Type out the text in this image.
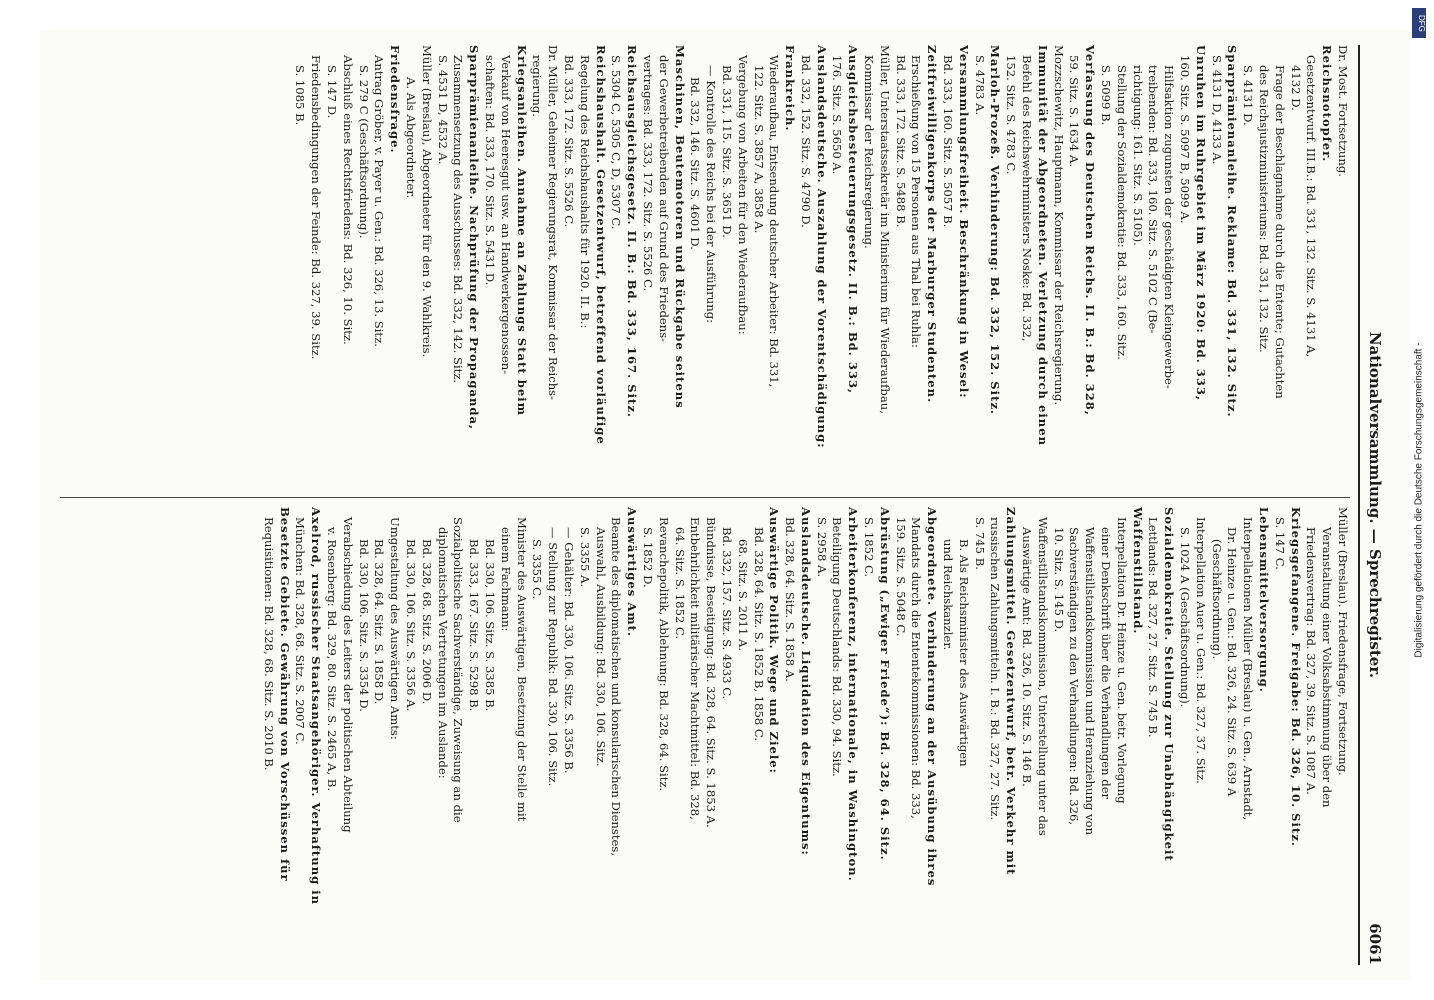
Nationalversammlung. — Sprechregister.
6061
Dr. Most. Fortsetzung.
Reichsnotopfer.
Gesetzentwurf. III.B.: Bd. 331, 132. Sitz. S. 4131 A,
4132 D.
Frage der Beschlagnahme durch die Entente; Gutachten
des Reichsjustizministeriums: Bd. 331, 132. Sitz.
S. 4131 D.
Sparprämienanleihe. Reklame: Bd. 331, 132. Sitz.
S. 4131 D, 4133 A.
Unruhen im Ruhrgebiet im März 1920: Bd. 333,
160. Sitz. S. 5097 B, 5099 A.
Hilfsaktion zugunsten der geschädigten Kleingewerbe-
treibenden: Bd. 333, 160. Sitz. S. 5102 C (Be-
richtigung: 161. Sitz. S. 5105).
Stellung der Sozialdemokratie: Bd. 333, 160. Sitz.
S. 5099 B.
Verfassung des Deutschen Reichs. II. B.: Bd. 328,
59. Sitz. S. 1634 A.
Mozzschewitz, Hauptmann, Kommissar der Reichsregierung.
Immunität der Abgeordneten. Verletzung durch einen
Befehl des Reichswehrministers Noske: Bd. 332,
152. Sitz. S. 4783 C.
Marloh-Prozeß. Verhinderung: Bd. 332, 152. Sitz.
S. 4783 A.
Versammlungsfreiheit. Beschränkung in Wesel:
Bd. 333, 160. Sitz. S. 5057 B.
Zeitfreiwilligenkorps der Marburger Studenten.
Erschießung von 15 Personen aus Thal bei Ruhla:
Bd. 333, 172. Sitz. S. 5488 B.
Müller, Unterstaatssekretär im Ministerium für Wiederaufbau,
Kommissar der Reichsregierung.
Ausgleichsbesteuerungsgesetz. II. B.: Bd. 333,
176. Sitz. S. 5650 A.
Auslandsdeutsche. Auszahlung der Vorentschädigung:
Bd. 332, 152. Sitz. S. 4790 D.
Frankreich.
Wiederaufbau, Entsendung deutscher Arbeiter: Bd. 331,
122. Sitz. S. 3857 A, 3858 A.
Vergebung von Arbeiten für den Wiederaufbau:
Bd. 331, 115. Sitz. S. 3651 D.
— Kontrolle des Reichs bei der Ausführung:
Bd. 332, 146. Sitz. S. 4601 D.
Maschinen, Beutemotoren und Rückgabe seitens
der Gewerbetreibenden auf Grund des Friedens-
vertrages: Bd. 333, 172. Sitz. S. 5526 C.
Reichsausgleichsgesetz. II. B.: Bd. 333, 167. Sitz.
S. 5304 C, 5305 C, D, 5307 C.
Reichshaushalt. Gesetzentwurf, betreffend vorläufige
Regelung des Reichshaushalts für 1920. II. B.:
Bd. 333, 172. Sitz. S. 5526 C.
Dr. Müller, Geheimer Regierungsrat, Kommissar der Reichs-
regierung.
Kriegsanleihen. Annahme an Zahlungs Statt beim
Verkauf von Heeresgut usw. an Handwerkergenossen-
schaften: Bd. 333, 170. Sitz. S. 5431 D.
Sparprämienanleihe. Nachprüfung der Propaganda,
Zusammensetzung des Ausschusses: Bd. 332, 142. Sitz.
S. 4531 D, 4532 A.
Müller (Breslau), Abgeordneter für den 9. Wahlkreis.
A. Als Abgeordneter.
Friedensfrage.
Antrag Gröber, v. Payer u. Gen.: Bd. 326, 13. Sitz.
S. 279 C (Geschäftsordnung).
Abschluß eines Rechtsfriedens: Bd. 326, 10. Sitz.
S. 147 D.
Friedensbedingungen der Feinde: Bd. 327, 39. Sitz.
S. 1085 B.
Müller (Breslau). Friedensfrage, Fortsetzung.
Veranstaltung einer Volksabstimmung über den
Friedensvertrag: Bd. 327, 39. Sitz. S. 1087 A.
Kriegsgefangene. Freigabe: Bd. 326, 10. Sitz.
S. 147 C.
Lebensmittelversorgung.
Interpellationen Müller (Breslau) u. Gen., Arnstadt,
Dr. Heinze u. Gen.: Bd. 326, 24. Sitz. S. 639 A
(Geschäftsordnung).
Interpellation Auer u. Gen.: Bd. 327, 37. Sitz.
S. 1024 A (Geschäftsordnung).
Sozialdemokratie. Stellung zur Unabhängigkeit
Lettlands: Bd. 327, 27. Sitz. S. 745 B.
Waffenstillstand.
Interpellation Dr. Heinze u. Gen. betr. Vorlegung
einer Denkschrift über die Verhandlungen der
Waffenstillstandskommission und Heranziehung von
Sachverständigen zu den Verhandlungen: Bd. 326,
10. Sitz. S. 145 D.
Waffenstillstandskommission, Unterstellung unter das
Auswärtige Amt: Bd. 326, 10. Sitz. S. 146 B.
Zahlungsmittel. Gesetzentwurf, betr. Verkehr mit
russischen Zahlungsmitteln. I. B.: Bd. 327, 27. Sitz.
S. 745 B.
B. Als Reichsminister des Auswärtigen
und Reichskanzler.
Abgeordnete. Verhinderung an der Ausübung ihres
Mandats durch die Ententekommissionen: Bd. 333,
159. Sitz. S. 5048 C.
Abrüstung („Ewiger Friede“): Bd. 328, 64. Sitz.
S. 1852 C.
Arbeiterkonferenz, internationale, in Washington.
Beteiligung Deutschlands: Bd. 330, 94. Sitz.
S. 2958 A.
Auslandsdeutsche. Liquidation des Eigentums:
Bd. 328, 64. Sitz. S. 1858 A.
Auswärtige Politik. Wege und Ziele:
Bd. 328, 64. Sitz. S. 1852 B, 1858 C.
68. Sitz. S. 2011 A.
Bd. 332, 157. Sitz. S. 4933 C.
Bündnisse, Beseitigung: Bd. 328, 64. Sitz. S. 1853 A.
Entbehrlichkeit militärischer Machtmittel: Bd. 328,
64. Sitz. S. 1852 C.
Revanchepolitik, Ablehnung: Bd. 328, 64. Sitz.
S. 1852 D.
Auswärtiges Amt.
Beamte des diplomatischen und konsularischen Dienstes,
Auswahl, Ausbildung: Bd. 330, 106. Sitz.
S. 3355 A.
— Gehälter: Bd. 330, 106. Sitz. S. 3356 B.
— Stellung zur Republik: Bd. 330, 106. Sitz.
S. 3355 C.
Minister des Auswärtigen, Besetzung der Stelle mit
einem Fachmann:
Bd. 330, 106. Sitz. S. 3385 B.
Bd. 333, 167. Sitz. S. 5298 B.
Sozialpolitische Sachverständige, Zuweisung an die
diplomatischen Vertretungen im Auslande:
Bd. 328, 68. Sitz. S. 2006 D.
Bd. 330, 106. Sitz. S. 3356 A.
Umgestaltung des Auswärtigen Amts:
Bd. 328, 64. Sitz. S. 1858 D.
Bd. 330, 106. Sitz. S. 3354 D.
Verabschiedung des Leiters der politischen Abteilung
v. Rosenberg: Bd. 329, 80. Sitz. S. 2465 A, B.
Axelrod, russischer Staatsangehöriger. Verhaftung in
München: Bd. 328, 68. Sitz. S. 2007 C.
Besetzte Gebiete. Gewährung von Vorschüssen für
Requisitionen: Bd. 328, 68. Sitz. S. 2010 B.	Digitalisierung gefördert durch die Deutsche Forschungsgemeinschaft -
DFG
